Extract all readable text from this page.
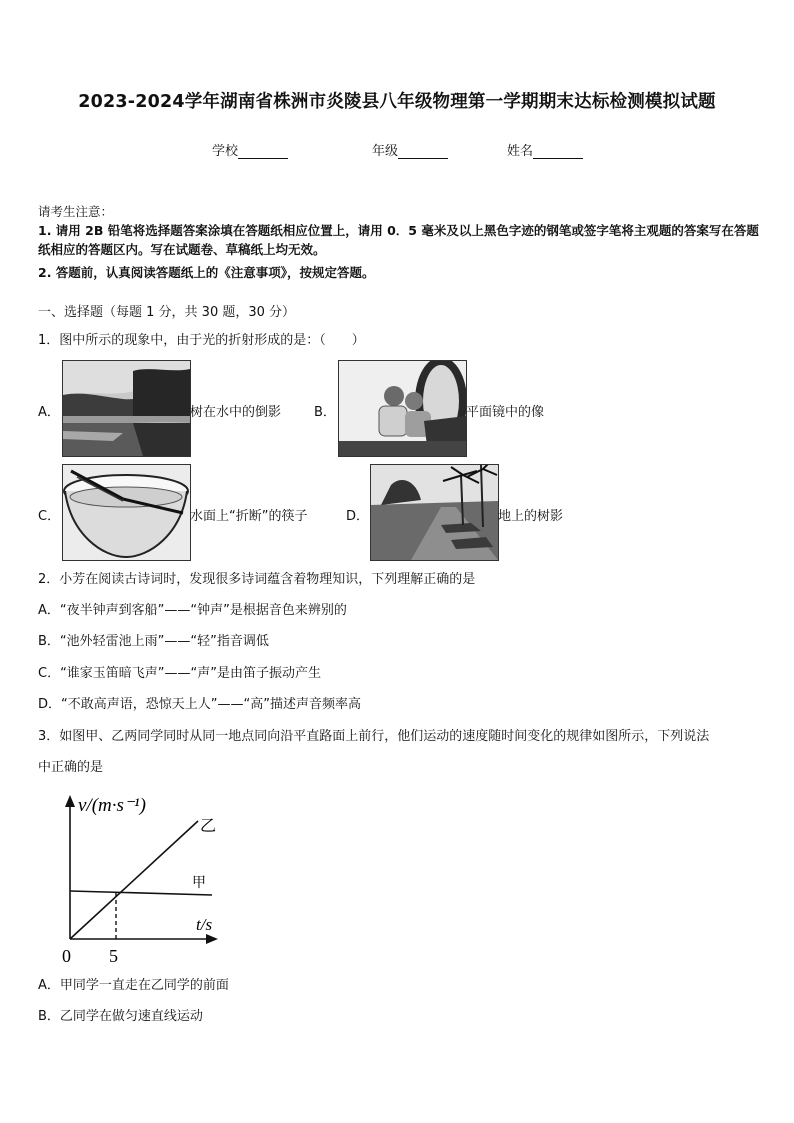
2023-2024学年湖南省株洲市炎陵县八年级物理第一学期期末达标检测模拟试题
学校	年级	姓名
请考生注意：
1. 请用 2B 铅笔将选择题答案涂填在答题纸相应位置上，请用 0．5 毫米及以上黑色字迹的钢笔或签字笔将主观题的答案写在答题纸相应的答题区内。写在试题卷、草稿纸上均无效。
2. 答题前，认真阅读答题纸上的《注意事项》，按规定答题。
一、选择题（每题 1 分，共 30 题，30 分）
1．图中所示的现象中，由于光的折射形成的是：（　　）
A．	树在水中的倒影	B．	平面镜中的像
C．	水面上“折断”的筷子	D．	地上的树影
2．小芳在阅读古诗词时，发现很多诗词蕴含着物理知识，下列理解正确的是
A．“夜半钟声到客船”——“钟声”是根据音色来辨别的
B．“池外轻雷池上雨”——“轻”指音调低
C．“谁家玉笛暗飞声”——“声”是由笛子振动产生
D．“不敢高声语，恐惊天上人”——“高”描述声音频率高
3．如图甲、乙两同学同时从同一地点同向沿平直路面上前行，他们运动的速度随时间变化的规律如图所示，下列说法
中正确的是
v/(m·s⁻¹)
t/s
0 5
乙
甲
A．甲同学一直走在乙同学的前面
B．乙同学在做匀速直线运动
